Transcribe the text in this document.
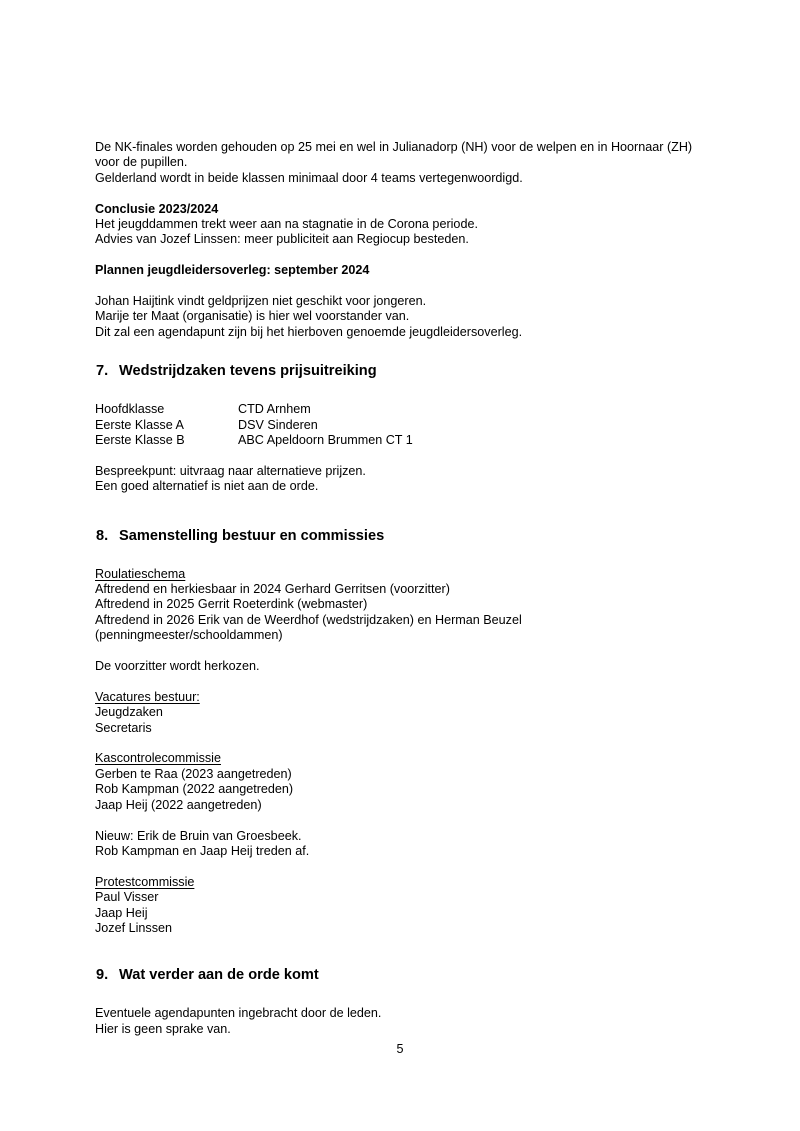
De NK-finales worden gehouden op 25 mei en wel in Julianadorp (NH) voor de welpen en in Hoornaar (ZH) voor de pupillen.

Gelderland wordt in beide klassen minimaal door 4 teams vertegenwoordigd.

Conclusie 2023/2024
Het jeugddammen trekt weer aan na stagnatie in de Corona periode.
Advies van Jozef Linssen: meer publiciteit aan Regiocup besteden.
Plannen jeugdleidersoverleg: september 2024
Johan Haijtink vindt geldprijzen niet geschikt voor jongeren.
Marije ter Maat (organisatie) is hier wel voorstander van.
Dit zal een agendapunt zijn bij het hierboven genoemde jeugdleidersoverleg.
7. Wedstrijdzaken tevens prijsuitreiking
Hoofdklasse	CTD Arnhem
Eerste Klasse A	DSV Sinderen
Eerste Klasse B	ABC Apeldoorn Brummen CT 1
Bespreekpunt: uitvraag naar alternatieve prijzen.
Een goed alternatief is niet aan de orde.
8. Samenstelling bestuur en commissies
Roulatieschema
Aftredend en herkiesbaar in 2024 Gerhard Gerritsen (voorzitter)
Aftredend in 2025 Gerrit Roeterdink (webmaster)

Aftredend in 2026 Erik van de Weerdhof (wedstrijdzaken) en Herman Beuzel (penningmeester/schooldammen)

De voorzitter wordt herkozen.
Vacatures bestuur:
Jeugdzaken
Secretaris
Kascontrolecommissie
Gerben te Raa (2023 aangetreden)
Rob Kampman (2022 aangetreden)
Jaap Heij (2022 aangetreden)
Nieuw: Erik de Bruin van Groesbeek.
Rob Kampman en Jaap Heij treden af.
Protestcommissie
Paul Visser
Jaap Heij
Jozef Linssen
9. Wat verder aan de orde komt
Eventuele agendapunten ingebracht door de leden.
Hier is geen sprake van.
5
